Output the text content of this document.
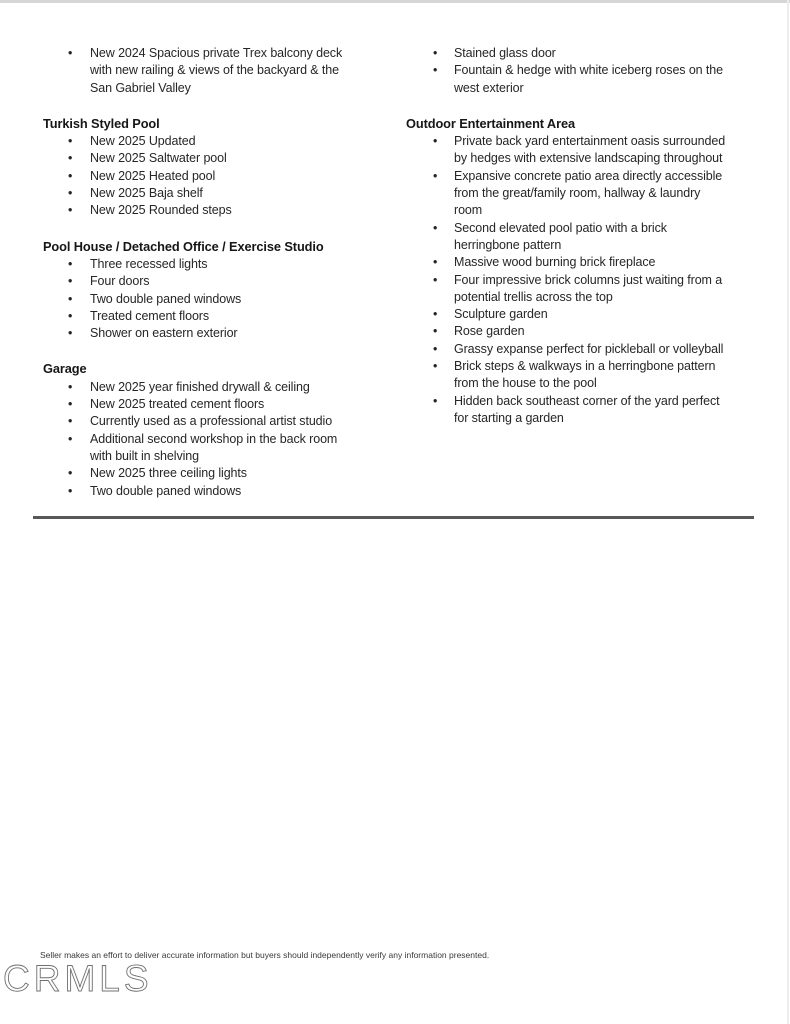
• New 2024 Spacious private Trex balcony deck with new railing & views of the backyard & the San Gabriel Valley
Turkish Styled Pool
• New 2025 Updated
• New 2025 Saltwater pool
• New 2025 Heated pool
• New 2025 Baja shelf
• New 2025 Rounded steps
Pool House / Detached Office / Exercise Studio
• Three recessed lights
• Four doors
• Two double paned windows
• Treated cement floors
• Shower on eastern exterior
Garage
• New 2025 year finished drywall & ceiling
• New 2025 treated cement floors
• Currently used as a professional artist studio
• Additional second workshop in the back room with built in shelving
• New 2025 three ceiling lights
• Two double paned windows
• Stained glass door
• Fountain & hedge with white iceberg roses on the west exterior
Outdoor Entertainment Area
• Private back yard entertainment oasis surrounded by hedges with extensive landscaping throughout
• Expansive concrete patio area directly accessible from the great/family room, hallway & laundry room
• Second elevated pool patio with a brick herringbone pattern
• Massive wood burning brick fireplace
• Four impressive brick columns just waiting from a potential trellis across the top
• Sculpture garden
• Rose garden
• Grassy expanse perfect for pickleball or volleyball
• Brick steps & walkways in a herringbone pattern from the house to the pool
• Hidden back southeast corner of the yard perfect for starting a garden
Seller makes an effort to deliver accurate information but buyers should independently verify any information presented.
CRMLS
